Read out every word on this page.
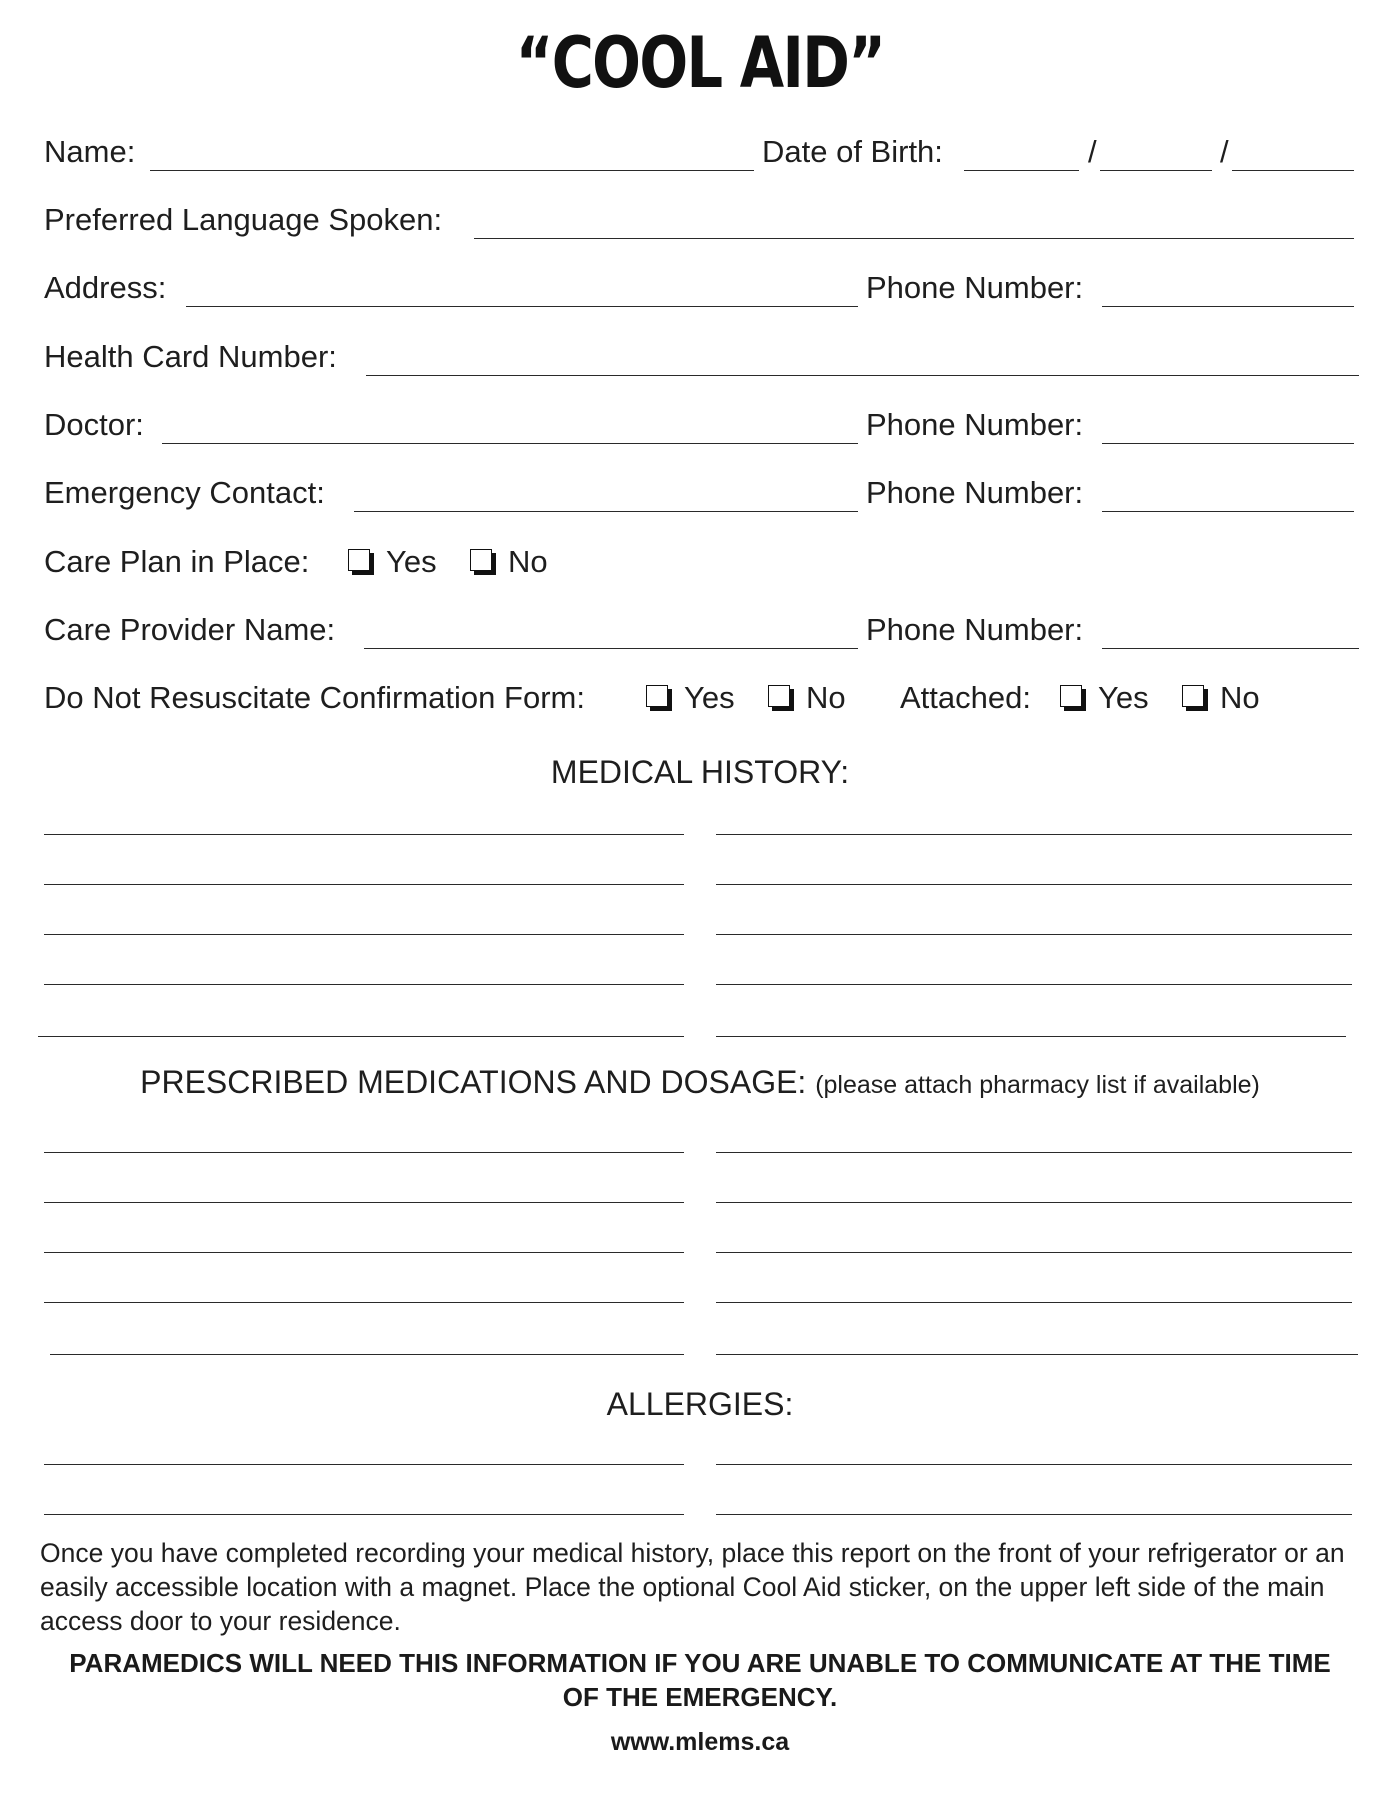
“COOL AID”
Name:	Date of Birth:	/	/
Preferred Language Spoken:
Address:	Phone Number:
Health Card Number:
Doctor:	Phone Number:
Emergency Contact:	Phone Number:
Care Plan in Place: Yes No
Care Provider Name:	Phone Number:
Do Not Resuscitate Confirmation Form:	Yes No Attached: Yes No
MEDICAL HISTORY:
PRESCRIBED MEDICATIONS AND DOSAGE: (please attach pharmacy list if available)
ALLERGIES:
Once you have completed recording your medical history, place this report on the front of your refrigerator or an easily accessible location with a magnet. Place the optional Cool Aid sticker, on the upper left side of the main access door to your residence.
PARAMEDICS WILL NEED THIS INFORMATION IF YOU ARE UNABLE TO COMMUNICATE AT THE TIME OF THE EMERGENCY.
www.mlems.ca
